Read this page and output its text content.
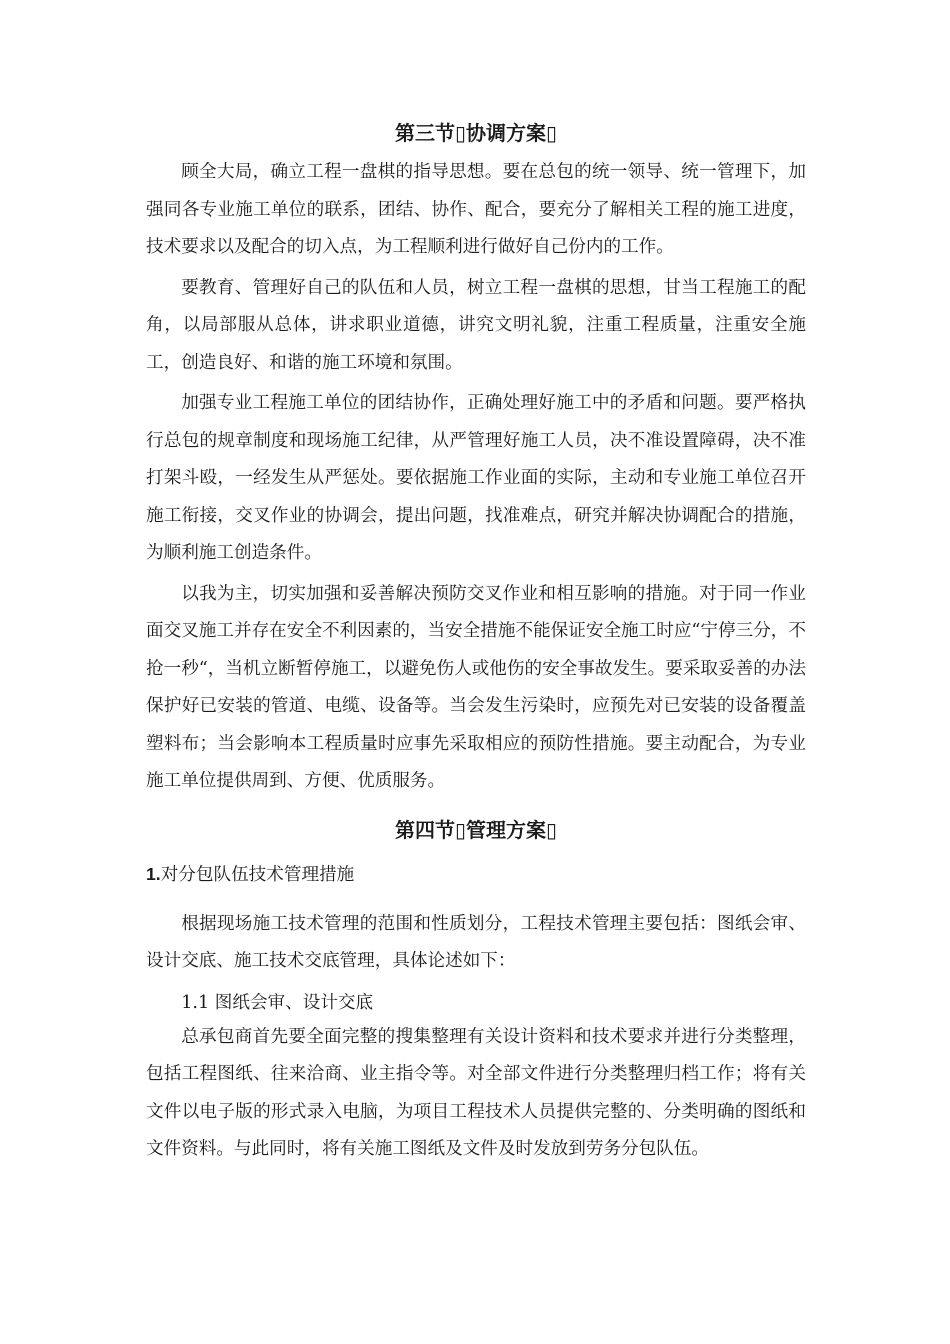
第三节▯协调方案▯

顾全大局，确立工程一盘棋的指导思想。要在总包的统一领导、统一管理下，加强同各专业施工单位的联系，团结、协作、配合，要充分了解相关工程的施工进度，技术要求以及配合的切入点，为工程顺利进行做好自己份内的工作。

要教育、管理好自己的队伍和人员，树立工程一盘棋的思想，甘当工程施工的配角，以局部服从总体，讲求职业道德，讲究文明礼貌，注重工程质量，注重安全施工，创造良好、和谐的施工环境和氛围。

加强专业工程施工单位的团结协作，正确处理好施工中的矛盾和问题。要严格执行总包的规章制度和现场施工纪律，从严管理好施工人员，决不准设置障碍，决不准打架斗殴，一经发生从严惩处。要依据施工作业面的实际，主动和专业施工单位召开施工衔接，交叉作业的协调会，提出问题，找准难点，研究并解决协调配合的措施，为顺利施工创造条件。

以我为主，切实加强和妥善解决预防交叉作业和相互影响的措施。对于同一作业面交叉施工并存在安全不利因素的，当安全措施不能保证安全施工时应“宁停三分，不抢一秒“，当机立断暂停施工，以避免伤人或他伤的安全事故发生。要采取妥善的办法保护好已安装的管道、电缆、设备等。当会发生污染时，应预先对已安装的设备覆盖塑料布；当会影响本工程质量时应事先采取相应的预防性措施。要主动配合，为专业施工单位提供周到、方便、优质服务。

第四节▯管理方案▯

1.对分包队伍技术管理措施

根据现场施工技术管理的范围和性质划分，工程技术管理主要包括：图纸会审、设计交底、施工技术交底管理，具体论述如下：

1.1 图纸会审、设计交底

总承包商首先要全面完整的搜集整理有关设计资料和技术要求并进行分类整理，包括工程图纸、往来洽商、业主指令等。对全部文件进行分类整理归档工作；将有关文件以电子版的形式录入电脑，为项目工程技术人员提供完整的、分类明确的图纸和文件资料。与此同时，将有关施工图纸及文件及时发放到劳务分包队伍。
